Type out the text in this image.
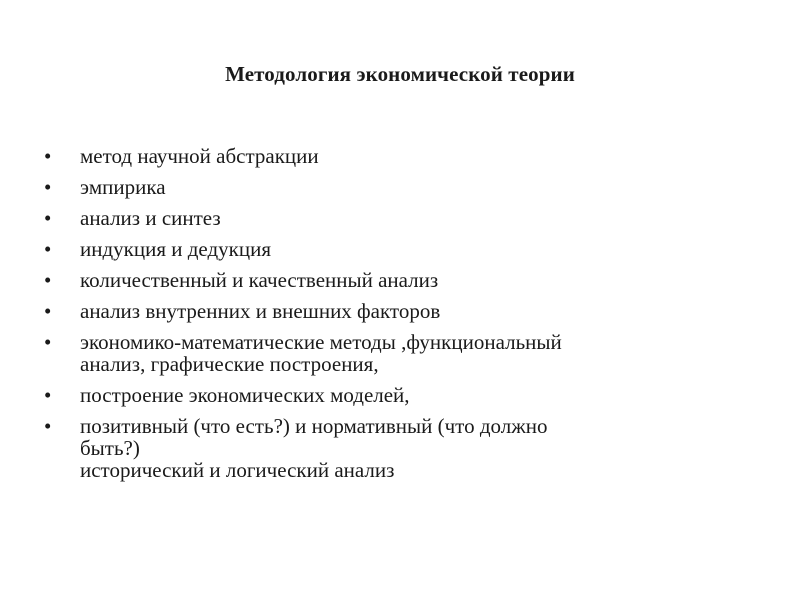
Методология экономической теории
•	метод научной абстракции
•	эмпирика
•	анализ и синтез
•	индукция и дедукция
•	количественный и качественный анализ
•	анализ внутренних и внешних факторов
•	экономико-математические методы ,функциональный
анализ, графические построения,
•	построение экономических моделей,
•	позитивный (что есть?) и нормативный (что должно
быть?)
исторический и логический анализ
